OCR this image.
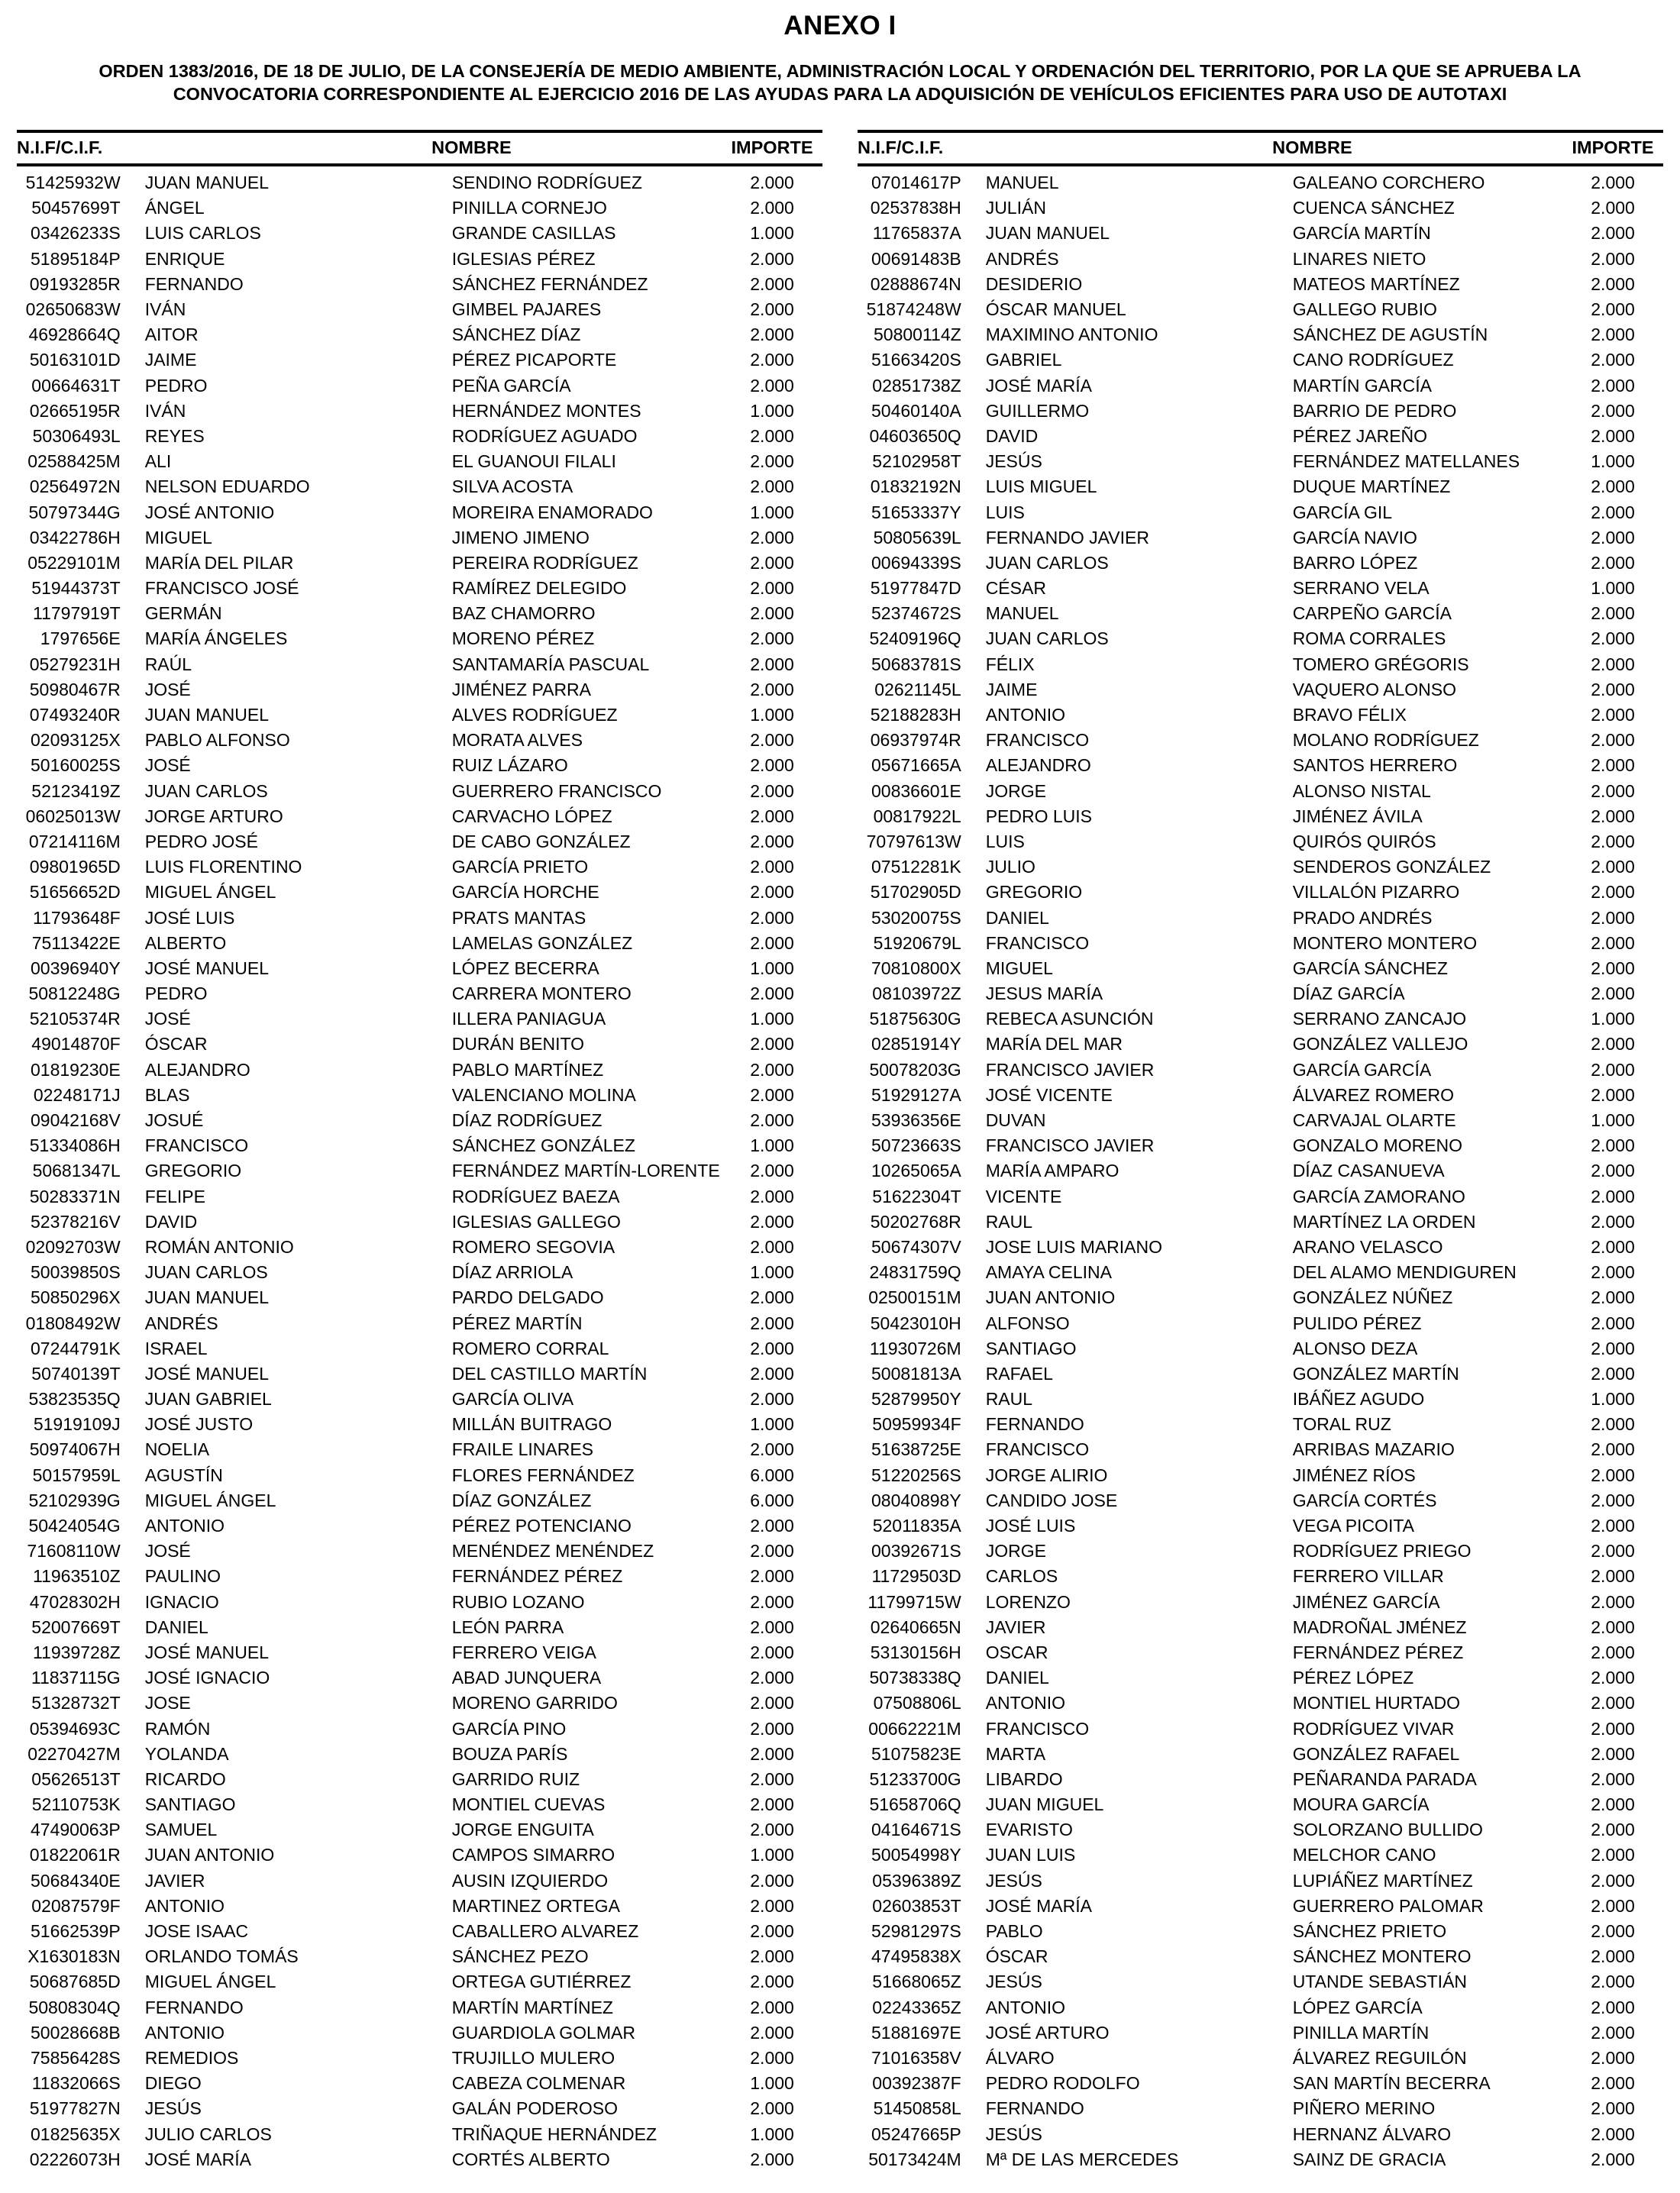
ANEXO I

ORDEN 1383/2016, DE 18 DE JULIO, DE LA CONSEJERÍA DE MEDIO AMBIENTE, ADMINISTRACIÓN LOCAL Y ORDENACIÓN DEL TERRITORIO, POR LA QUE SE APRUEBA LA CONVOCATORIA CORRESPONDIENTE AL EJERCICIO 2016 DE LAS AYUDAS PARA LA ADQUISICIÓN DE VEHÍCULOS EFICIENTES PARA USO DE AUTOTAXI

N.I.F/C.I.F.	NOMBRE	IMPORTE
51425932W	JUAN MANUEL	SENDINO RODRÍGUEZ	2.000
50457699T	ÁNGEL	PINILLA CORNEJO	2.000
03426233S	LUIS CARLOS	GRANDE CASILLAS	1.000
51895184P	ENRIQUE	IGLESIAS PÉREZ	2.000
09193285R	FERNANDO	SÁNCHEZ FERNÁNDEZ	2.000
02650683W	IVÁN	GIMBEL PAJARES	2.000
46928664Q	AITOR	SÁNCHEZ DÍAZ	2.000
50163101D	JAIME	PÉREZ PICAPORTE	2.000
00664631T	PEDRO	PEÑA GARCÍA	2.000
02665195R	IVÁN	HERNÁNDEZ MONTES	1.000
50306493L	REYES	RODRÍGUEZ AGUADO	2.000
02588425M	ALI	EL GUANOUI FILALI	2.000
02564972N	NELSON EDUARDO	SILVA ACOSTA	2.000
50797344G	JOSÉ ANTONIO	MOREIRA ENAMORADO	1.000
03422786H	MIGUEL	JIMENO JIMENO	2.000
05229101M	MARÍA DEL PILAR	PEREIRA RODRÍGUEZ	2.000
51944373T	FRANCISCO JOSÉ	RAMÍREZ DELEGIDO	2.000
11797919T	GERMÁN	BAZ CHAMORRO	2.000
1797656E	MARÍA ÁNGELES	MORENO PÉREZ	2.000
05279231H	RAÚL	SANTAMARÍA PASCUAL	2.000
50980467R	JOSÉ	JIMÉNEZ PARRA	2.000
07493240R	JUAN MANUEL	ALVES RODRÍGUEZ	1.000
02093125X	PABLO ALFONSO	MORATA ALVES	2.000
50160025S	JOSÉ	RUIZ LÁZARO	2.000
52123419Z	JUAN CARLOS	GUERRERO FRANCISCO	2.000
06025013W	JORGE ARTURO	CARVACHO LÓPEZ	2.000
07214116M	PEDRO JOSÉ	DE CABO GONZÁLEZ	2.000
09801965D	LUIS FLORENTINO	GARCÍA PRIETO	2.000
51656652D	MIGUEL ÁNGEL	GARCÍA HORCHE	2.000
11793648F	JOSÉ LUIS	PRATS MANTAS	2.000
75113422E	ALBERTO	LAMELAS GONZÁLEZ	2.000
00396940Y	JOSÉ MANUEL	LÓPEZ BECERRA	1.000
50812248G	PEDRO	CARRERA MONTERO	2.000
52105374R	JOSÉ	ILLERA PANIAGUA	1.000
49014870F	ÓSCAR	DURÁN BENITO	2.000
01819230E	ALEJANDRO	PABLO MARTÍNEZ	2.000
02248171J	BLAS	VALENCIANO MOLINA	2.000
09042168V	JOSUÉ	DÍAZ RODRÍGUEZ	2.000
51334086H	FRANCISCO	SÁNCHEZ GONZÁLEZ	1.000
50681347L	GREGORIO	FERNÁNDEZ MARTÍN-LORENTE	2.000
50283371N	FELIPE	RODRÍGUEZ BAEZA	2.000
52378216V	DAVID	IGLESIAS GALLEGO	2.000
02092703W	ROMÁN ANTONIO	ROMERO SEGOVIA	2.000
50039850S	JUAN CARLOS	DÍAZ ARRIOLA	1.000
50850296X	JUAN MANUEL	PARDO DELGADO	2.000
01808492W	ANDRÉS	PÉREZ MARTÍN	2.000
07244791K	ISRAEL	ROMERO CORRAL	2.000
50740139T	JOSÉ MANUEL	DEL CASTILLO MARTÍN	2.000
53823535Q	JUAN GABRIEL	GARCÍA OLIVA	2.000
51919109J	JOSÉ JUSTO	MILLÁN BUITRAGO	1.000
50974067H	NOELIA	FRAILE LINARES	2.000
50157959L	AGUSTÍN	FLORES FERNÁNDEZ	6.000
52102939G	MIGUEL ÁNGEL	DÍAZ GONZÁLEZ	6.000
50424054G	ANTONIO	PÉREZ POTENCIANO	2.000
71608110W	JOSÉ	MENÉNDEZ MENÉNDEZ	2.000
11963510Z	PAULINO	FERNÁNDEZ PÉREZ	2.000
47028302H	IGNACIO	RUBIO LOZANO	2.000
52007669T	DANIEL	LEÓN PARRA	2.000
11939728Z	JOSÉ MANUEL	FERRERO VEIGA	2.000
11837115G	JOSÉ IGNACIO	ABAD JUNQUERA	2.000
51328732T	JOSE	MORENO GARRIDO	2.000
05394693C	RAMÓN	GARCÍA PINO	2.000
02270427M	YOLANDA	BOUZA PARÍS	2.000
05626513T	RICARDO	GARRIDO RUIZ	2.000
52110753K	SANTIAGO	MONTIEL CUEVAS	2.000
47490063P	SAMUEL	JORGE ENGUITA	2.000
01822061R	JUAN ANTONIO	CAMPOS SIMARRO	1.000
50684340E	JAVIER	AUSIN IZQUIERDO	2.000
02087579F	ANTONIO	MARTINEZ ORTEGA	2.000
51662539P	JOSE ISAAC	CABALLERO ALVAREZ	2.000
X1630183N	ORLANDO TOMÁS	SÁNCHEZ PEZO	2.000
50687685D	MIGUEL ÁNGEL	ORTEGA GUTIÉRREZ	2.000
50808304Q	FERNANDO	MARTÍN MARTÍNEZ	2.000
50028668B	ANTONIO	GUARDIOLA GOLMAR	2.000
75856428S	REMEDIOS	TRUJILLO MULERO	2.000
11832066S	DIEGO	CABEZA COLMENAR	1.000
51977827N	JESÚS	GALÁN PODEROSO	2.000
01825635X	JULIO CARLOS	TRIÑAQUE HERNÁNDEZ	1.000
02226073H	JOSÉ MARÍA	CORTÉS ALBERTO	2.000
N.I.F/C.I.F.	NOMBRE	IMPORTE
07014617P	MANUEL	GALEANO CORCHERO	2.000
02537838H	JULIÁN	CUENCA SÁNCHEZ	2.000
11765837A	JUAN MANUEL	GARCÍA MARTÍN	2.000
00691483B	ANDRÉS	LINARES NIETO	2.000
02888674N	DESIDERIO	MATEOS MARTÍNEZ	2.000
51874248W	ÓSCAR MANUEL	GALLEGO RUBIO	2.000
50800114Z	MAXIMINO ANTONIO	SÁNCHEZ DE AGUSTÍN	2.000
51663420S	GABRIEL	CANO RODRÍGUEZ	2.000
02851738Z	JOSÉ MARÍA	MARTÍN GARCÍA	2.000
50460140A	GUILLERMO	BARRIO DE PEDRO	2.000
04603650Q	DAVID	PÉREZ JAREÑO	2.000
52102958T	JESÚS	FERNÁNDEZ MATELLANES	1.000
01832192N	LUIS MIGUEL	DUQUE MARTÍNEZ	2.000
51653337Y	LUIS	GARCÍA GIL	2.000
50805639L	FERNANDO JAVIER	GARCÍA NAVIO	2.000
00694339S	JUAN CARLOS	BARRO LÓPEZ	2.000
51977847D	CÉSAR	SERRANO VELA	1.000
52374672S	MANUEL	CARPEÑO GARCÍA	2.000
52409196Q	JUAN CARLOS	ROMA CORRALES	2.000
50683781S	FÉLIX	TOMERO GRÉGORIS	2.000
02621145L	JAIME	VAQUERO ALONSO	2.000
52188283H	ANTONIO	BRAVO FÉLIX	2.000
06937974R	FRANCISCO	MOLANO RODRÍGUEZ	2.000
05671665A	ALEJANDRO	SANTOS HERRERO	2.000
00836601E	JORGE	ALONSO NISTAL	2.000
00817922L	PEDRO LUIS	JIMÉNEZ ÁVILA	2.000
70797613W	LUIS	QUIRÓS QUIRÓS	2.000
07512281K	JULIO	SENDEROS GONZÁLEZ	2.000
51702905D	GREGORIO	VILLALÓN PIZARRO	2.000
53020075S	DANIEL	PRADO ANDRÉS	2.000
51920679L	FRANCISCO	MONTERO MONTERO	2.000
70810800X	MIGUEL	GARCÍA SÁNCHEZ	2.000
08103972Z	JESUS MARÍA	DÍAZ GARCÍA	2.000
51875630G	REBECA ASUNCIÓN	SERRANO ZANCAJO	1.000
02851914Y	MARÍA DEL MAR	GONZÁLEZ VALLEJO	2.000
50078203G	FRANCISCO JAVIER	GARCÍA GARCÍA	2.000
51929127A	JOSÉ VICENTE	ÁLVAREZ ROMERO	2.000
53936356E	DUVAN	CARVAJAL OLARTE	1.000
50723663S	FRANCISCO JAVIER	GONZALO MORENO	2.000
10265065A	MARÍA AMPARO	DÍAZ CASANUEVA	2.000
51622304T	VICENTE	GARCÍA ZAMORANO	2.000
50202768R	RAUL	MARTÍNEZ LA ORDEN	2.000
50674307V	JOSE LUIS MARIANO	ARANO VELASCO	2.000
24831759Q	AMAYA CELINA	DEL ALAMO MENDIGUREN	2.000
02500151M	JUAN ANTONIO	GONZÁLEZ NÚÑEZ	2.000
50423010H	ALFONSO	PULIDO PÉREZ	2.000
11930726M	SANTIAGO	ALONSO DEZA	2.000
50081813A	RAFAEL	GONZÁLEZ MARTÍN	2.000
52879950Y	RAUL	IBÁÑEZ AGUDO	1.000
50959934F	FERNANDO	TORAL RUZ	2.000
51638725E	FRANCISCO	ARRIBAS MAZARIO	2.000
51220256S	JORGE ALIRIO	JIMÉNEZ RÍOS	2.000
08040898Y	CANDIDO JOSE	GARCÍA CORTÉS	2.000
52011835A	JOSÉ LUIS	VEGA PICOITA	2.000
00392671S	JORGE	RODRÍGUEZ PRIEGO	2.000
11729503D	CARLOS	FERRERO VILLAR	2.000
11799715W	LORENZO	JIMÉNEZ GARCÍA	2.000
02640665N	JAVIER	MADROÑAL JMÉNEZ	2.000
53130156H	OSCAR	FERNÁNDEZ PÉREZ	2.000
50738338Q	DANIEL	PÉREZ LÓPEZ	2.000
07508806L	ANTONIO	MONTIEL HURTADO	2.000
00662221M	FRANCISCO	RODRÍGUEZ VIVAR	2.000
51075823E	MARTA	GONZÁLEZ RAFAEL	2.000
51233700G	LIBARDO	PEÑARANDA PARADA	2.000
51658706Q	JUAN MIGUEL	MOURA GARCÍA	2.000
04164671S	EVARISTO	SOLORZANO BULLIDO	2.000
50054998Y	JUAN LUIS	MELCHOR CANO	2.000
05396389Z	JESÚS	LUPIÁÑEZ MARTÍNEZ	2.000
02603853T	JOSÉ MARÍA	GUERRERO PALOMAR	2.000
52981297S	PABLO	SÁNCHEZ PRIETO	2.000
47495838X	ÓSCAR	SÁNCHEZ MONTERO	2.000
51668065Z	JESÚS	UTANDE SEBASTIÁN	2.000
02243365Z	ANTONIO	LÓPEZ GARCÍA	2.000
51881697E	JOSÉ ARTURO	PINILLA MARTÍN	2.000
71016358V	ÁLVARO	ÁLVAREZ REGUILÓN	2.000
00392387F	PEDRO RODOLFO	SAN MARTÍN BECERRA	2.000
51450858L	FERNANDO	PIÑERO MERINO	2.000
05247665P	JESÚS	HERNANZ ÁLVARO	2.000
50173424M	Mª DE LAS MERCEDES	SAINZ DE GRACIA	2.000
